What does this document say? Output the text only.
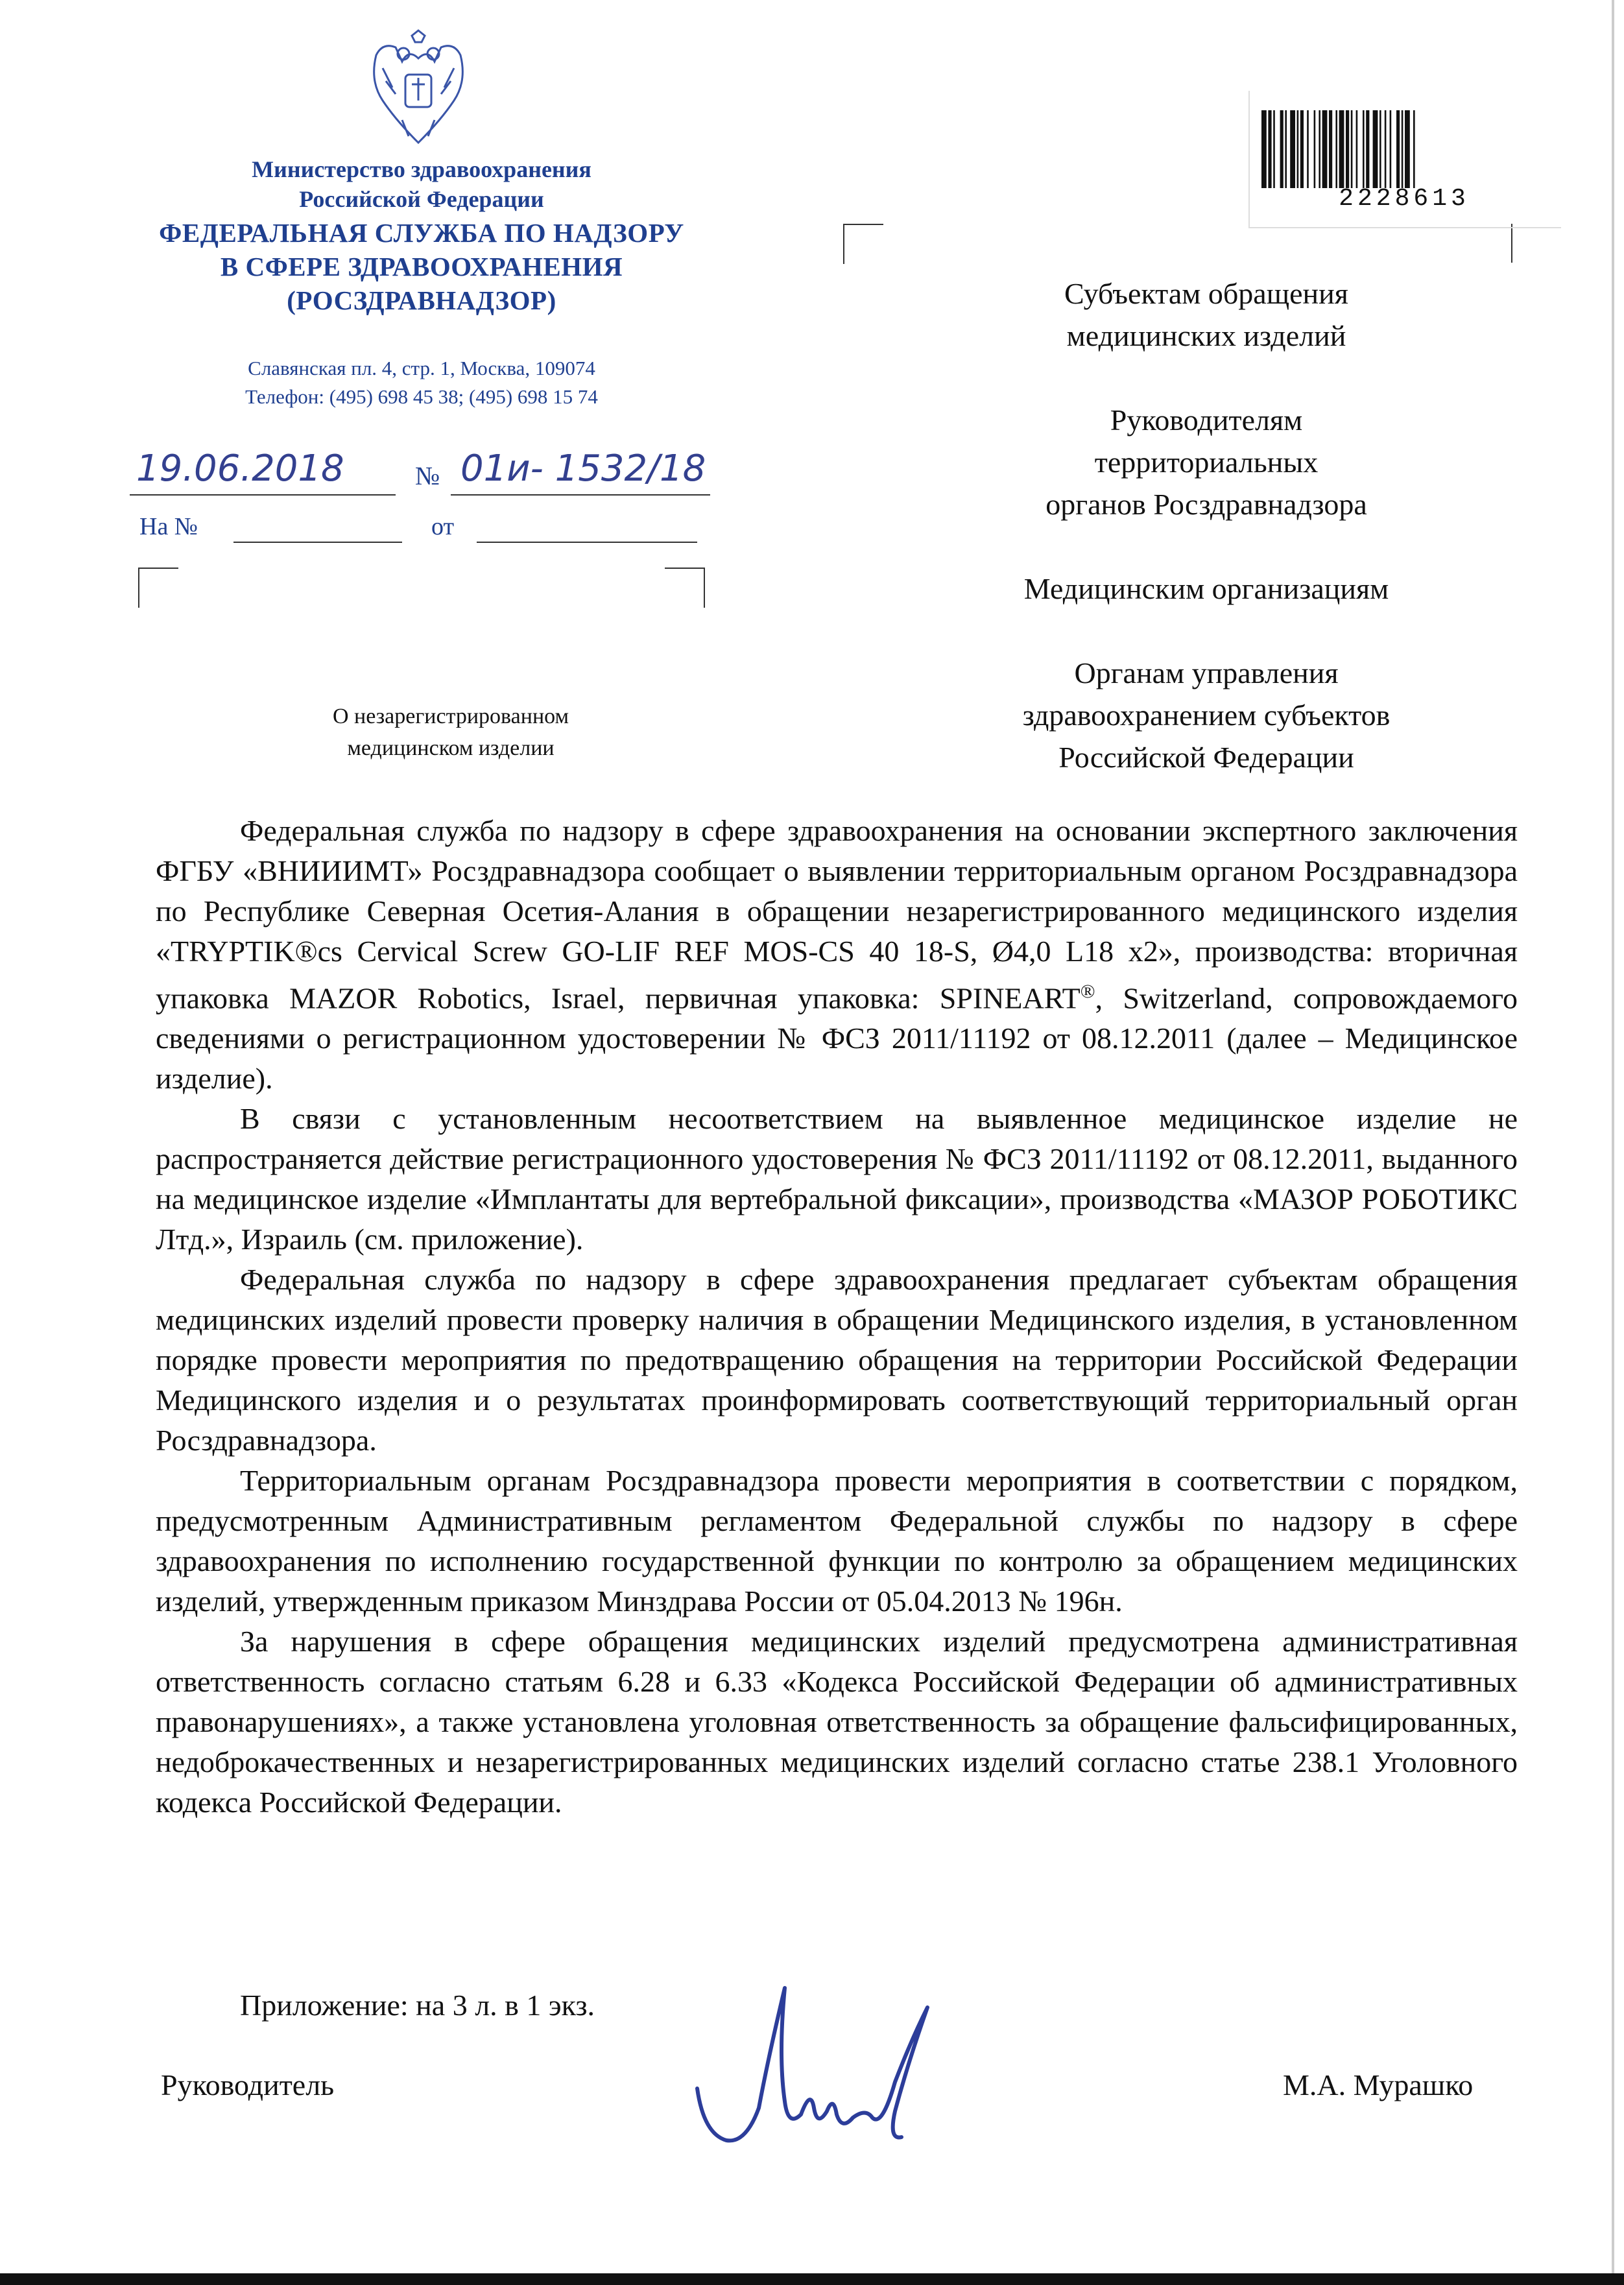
Министерство здравоохранения
Российской Федерации
ФЕДЕРАЛЬНАЯ СЛУЖБА ПО НАДЗОРУ
В СФЕРЕ ЗДРАВООХРАНЕНИЯ
(РОСЗДРАВНАДЗОР)
Славянская пл. 4, стр. 1, Москва, 109074
Телефон: (495) 698 45 38; (495) 698 15 74
19.06.2018	№ 01и- 1532/18
На №	от
2228613
Субъектам обращения
медицинских изделий
Руководителям
территориальных
органов Росздравнадзора
Медицинским организациям
Органам управления
здравоохранением субъектов
Российской Федерации
О незарегистрированном
медицинском изделии

Федеральная служба по надзору в сфере здравоохранения на основании экспертного заключения ФГБУ «ВНИИИМТ» Росздравнадзора сообщает о выявлении территориальным органом Росздравнадзора по Республике Северная Осетия-Алания в обращении незарегистрированного медицинского изделия «TRYPTIK®cs Cervical Screw GO-LIF REF MOS-CS 40 18-S, Ø4,0 L18 x2», производства: вторичная упаковка MAZOR Robotics, Israel, первичная упаковка: SPINEART®, Switzerland, сопровождаемого сведениями о регистрационном удостоверении № ФСЗ 2011/11192 от 08.12.2011 (далее – Медицинское изделие).

В связи с установленным несоответствием на выявленное медицинское изделие не распространяется действие регистрационного удостоверения № ФСЗ 2011/11192 от 08.12.2011, выданного на медицинское изделие «Имплантаты для вертебральной фиксации», производства «МАЗОР РОБОТИКС Лтд.», Израиль (см. приложение).

Федеральная служба по надзору в сфере здравоохранения предлагает субъектам обращения медицинских изделий провести проверку наличия в обращении Медицинского изделия, в установленном порядке провести мероприятия по предотвращению обращения на территории Российской Федерации Медицинского изделия и о результатах проинформировать соответствующий территориальный орган Росздравнадзора.

Территориальным органам Росздравнадзора провести мероприятия в соответствии с порядком, предусмотренным Административным регламентом Федеральной службы по надзору в сфере здравоохранения по исполнению государственной функции по контролю за обращением медицинских изделий, утвержденным приказом Минздрава России от 05.04.2013 № 196н.

За нарушения в сфере обращения медицинских изделий предусмотрена административная ответственность согласно статьям 6.28 и 6.33 «Кодекса Российской Федерации об административных правонарушениях», а также установлена уголовная ответственность за обращение фальсифицированных, недоброкачественных и незарегистрированных медицинских изделий согласно статье 238.1 Уголовного кодекса Российской Федерации.

Приложение: на 3 л. в 1 экз.
Руководитель	М.А. Мурашко
